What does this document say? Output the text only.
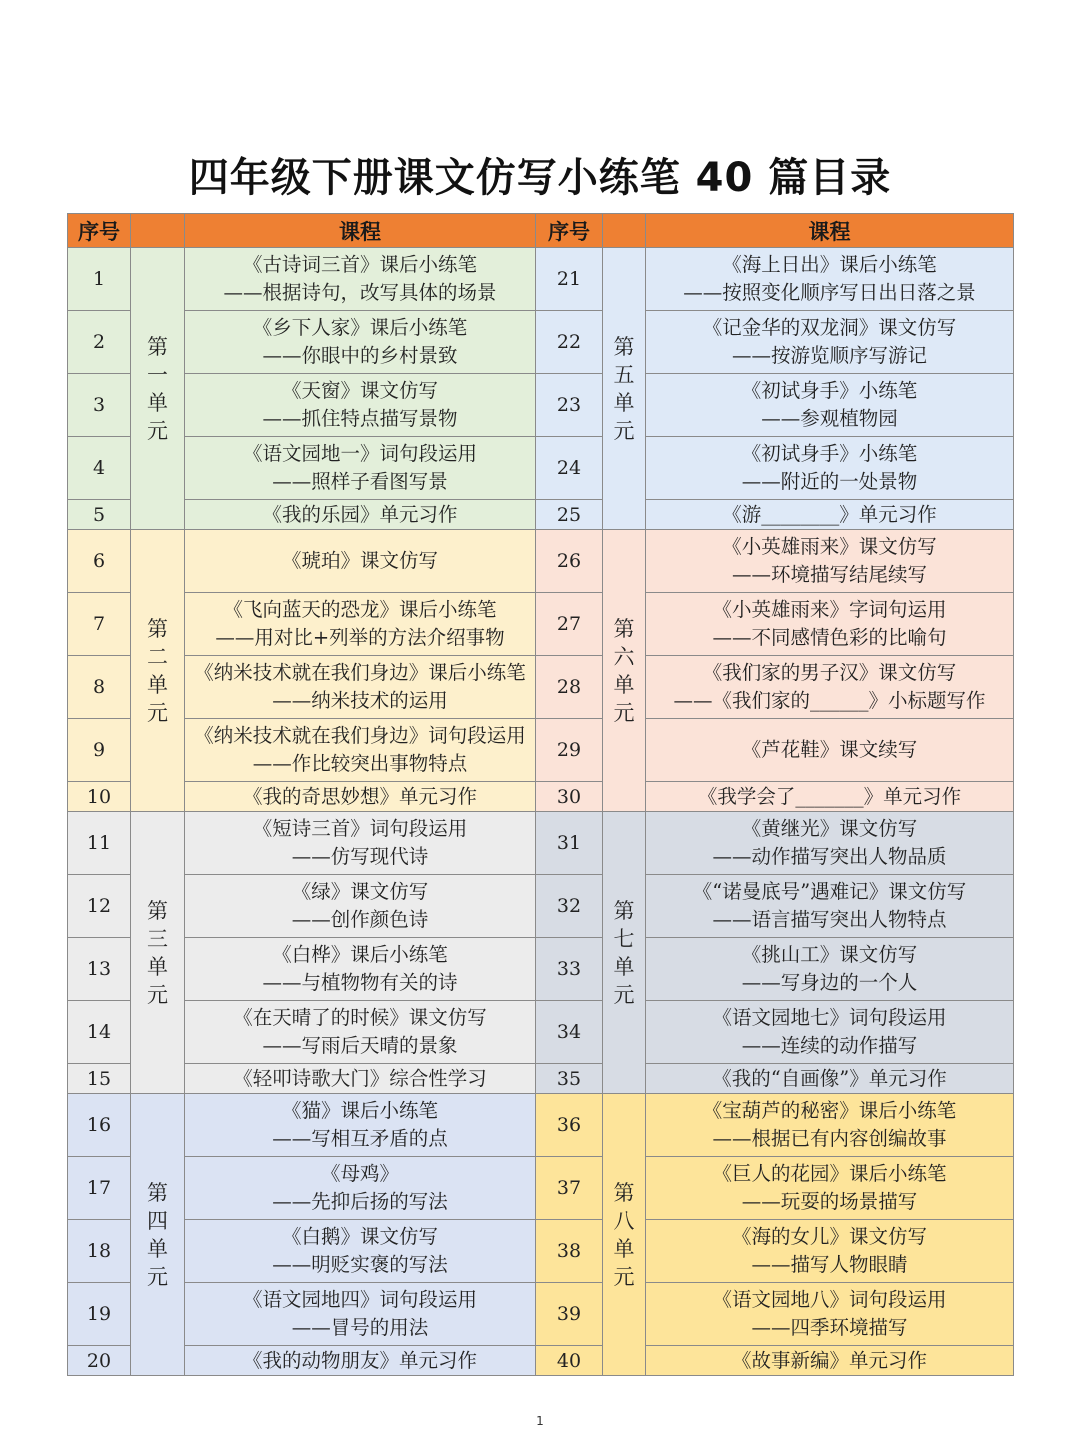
四年级下册课文仿写小练笔 40 篇目录
序号		课程	序号		课程
1	第
一
单
元	《古诗词三首》课后小练笔
——根据诗句，改写具体的场景	21	第
五
单
元	《海上日出》课后小练笔
——按照变化顺序写日出日落之景

2		《乡下人家》课后小练笔
——你眼中的乡村景致	22		《记金华的双龙洞》课文仿写
——按游览顺序写游记

3		《天窗》课文仿写
——抓住特点描写景物	23		《初试身手》小练笔
——参观植物园

4		《语文园地一》词句段运用
——照样子看图写景	24		《初试身手》小练笔
——附近的一处景物

5		《我的乐园》单元习作	25		《游________》单元习作

6	第
二
单
元	《琥珀》课文仿写	26	第
六
单
元	《小英雄雨来》课文仿写
——环境描写结尾续写

7		《飞向蓝天的恐龙》课后小练笔
——用对比+列举的方法介绍事物	27		《小英雄雨来》字词句运用
——不同感情色彩的比喻句

8		《纳米技术就在我们身边》课后小练笔
——纳米技术的运用	28		《我们家的男子汉》课文仿写
——《我们家的______》小标题写作

9		《纳米技术就在我们身边》词句段运用
——作比较突出事物特点	29		《芦花鞋》课文续写

10		《我的奇思妙想》单元习作	30		《我学会了_______》单元习作

11	第
三
单
元	《短诗三首》词句段运用
——仿写现代诗	31	第
七
单
元	《黄继光》课文仿写
——动作描写突出人物品质

12		《绿》课文仿写
——创作颜色诗	32		《“诺曼底号”遇难记》课文仿写
——语言描写突出人物特点

13		《白桦》课后小练笔
——与植物物有关的诗	33		《挑山工》课文仿写
——写身边的一个人

14		《在天晴了的时候》课文仿写
——写雨后天晴的景象	34		《语文园地七》词句段运用
——连续的动作描写

15		《轻叩诗歌大门》综合性学习	35		《我的“自画像”》单元习作

16	第
四
单
元	《猫》课后小练笔
——写相互矛盾的点	36	第
八
单
元	《宝葫芦的秘密》课后小练笔
——根据已有内容创编故事

17		《母鸡》
——先抑后扬的写法	37		《巨人的花园》课后小练笔
——玩耍的场景描写

18		《白鹅》课文仿写
——明贬实褒的写法	38		《海的女儿》课文仿写
——描写人物眼睛

19		《语文园地四》词句段运用
——冒号的用法	39		《语文园地八》词句段运用
——四季环境描写

20		《我的动物朋友》单元习作	40		《故事新编》单元习作
1
